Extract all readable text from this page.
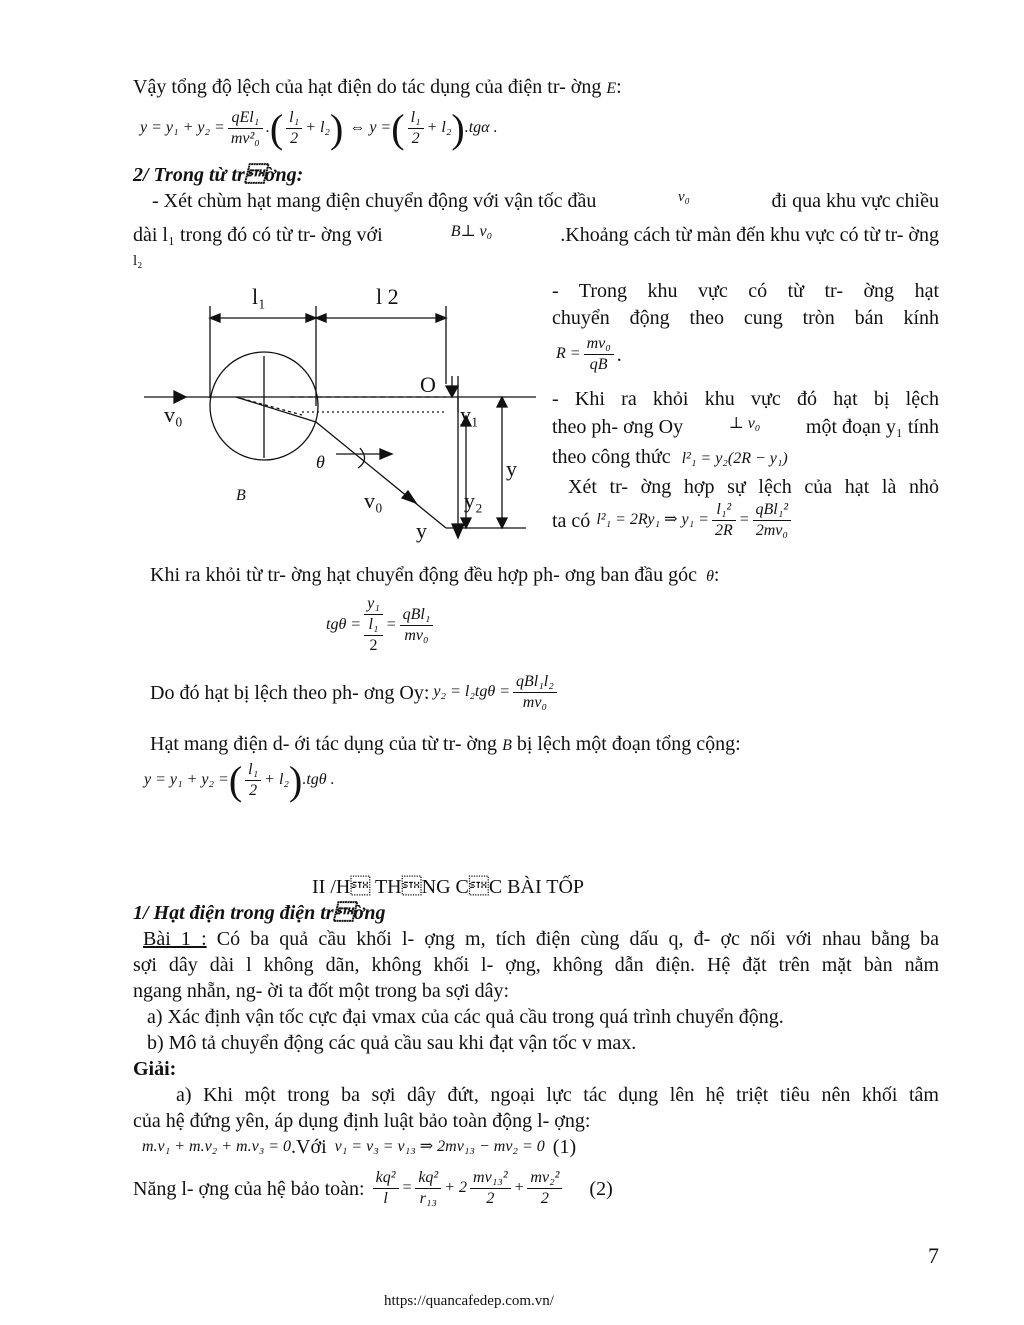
Vậy tổng độ lệch của hạt điện do tác dụng của điện tr- ờng E:
$y = y_1 + y_2 = \frac{\text{qEl₁}}{\text{mv²₀}}$ . ( $\frac{\text{l₁}}{2} + l_2$ ) ⇔ y = ( $\frac{\text{l₁}}{2} + l_2$ ) .tgα .
2/ Trong từ trờng:
- Xét chùm hạt mang điện chuyển động với vận tốc đầu	v₀	đi qua khu vực chiều
dài l₁ trong đó có từ tr- ờng với	B⊥ v₀	.Khoảng cách từ màn đến khu vực có từ tr- ờng
l₂
l₁	l 2
O
v₀	y₁
y
θ
B	v₀	y₂
y
- Trong khu vực có từ tr- ờng hạt
chuyển động theo cung tròn bán kính
$R = \frac{\text{mv₀}}{qB}$ .
- Khi ra khỏi khu vực đó hạt bị lệch
theo ph- ơng Oy	⊥ v₀ một đoạn y₁ tính
theo công thức l²₁ = y₂(2R − y₁)
Xét tr- ờng hợp sự lệch của hạt là nhỏ
ta có l²₁ = 2Ry₁ ⇒ $y_1 = \frac{\text{l₁²}}{2R} = \frac{\text{qBl₁²}}{\text{2mv₀}}$
Khi ra khỏi từ tr- ờng hạt chuyển động đều hợp ph- ơng ban đầu góc θ:
tgθ =
y₁
l₁
2
= $\frac{\text{qBl₁}}{\text{mv₀}}$
Do đó hạt bị lệch theo ph- ơng Oy: $y_2 = l_2tg\theta = \frac{\text{qBl₁l₂}}{\text{mv₀}}$
Hạt mang điện d- ới tác dụng của từ tr- ờng B bị lệch một đoạn tổng cộng:
y = y₁ + y₂ = ( $\frac{\text{l₁}}{2} + l_2$ ) .tgθ .
II /H THNG CC BÀI TỐP
1/ Hạt điện trong điện trờng
Bài 1 : Có ba quả cầu khối l- ợng m, tích điện cùng dấu q, đ- ợc nối với nhau bằng ba
sợi dây dài l không dãn, không khối l- ợng, không dẫn điện. Hệ đặt trên mặt bàn nằm
ngang nhẵn, ng- ời ta đốt một trong ba sợi dây:
a) Xác định vận tốc cực đại vmax của các quả cầu trong quá trình chuyển động.
b) Mô tả chuyển động các quả cầu sau khi đạt vận tốc v max.
Giải:
a) Khi một trong ba sợi dây đứt, ngoại lực tác dụng lên hệ triệt tiêu nên khối tâm
của hệ đứng yên, áp dụng định luật bảo toàn động l- ợng:
m.v₁ + m.v₂ + m.v₃ = 0 .Với v₁ = v₃ = v₁₃ ⇒ 2mv₁₃ − mv₂ = 0 (1)
Năng l- ợng của hệ bảo toàn: $\frac{\text{kq²}}{l} = \frac{\text{kq²}}{\text{r₁₃}} + 2 \frac{\text{mv₁₃²}}{2} + \frac{\text{mv₂²}}{2} (2)$
7
https://quancafedep.com.vn/
